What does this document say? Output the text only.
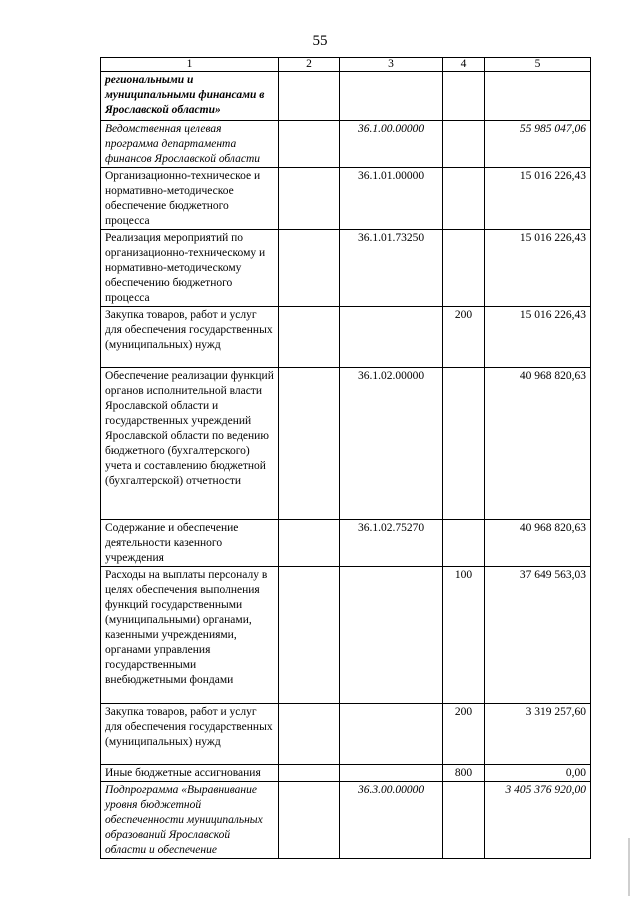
55
1	2	3	4	5
региональными и муниципальными финансами в Ярославской области»				
Ведомственная целевая программа департамента финансов Ярославской области		36.1.00.00000		55 985 047,06
Организационно-техническое и нормативно-методическое обеспечение бюджетного процесса		36.1.01.00000		15 016 226,43
Реализация мероприятий по организационно-техническому и нормативно-методическому обеспечению бюджетного процесса		36.1.01.73250		15 016 226,43
Закупка товаров, работ и услуг для обеспечения государственных (муниципальных) нужд			200	15 016 226,43
Обеспечение реализации функций органов исполнительной власти Ярославской области и государственных учреждений Ярославской области по ведению бюджетного (бухгалтерского) учета и составлению бюджетной (бухгалтерской) отчетности		36.1.02.00000		40 968 820,63
Содержание и обеспечение деятельности казенного учреждения		36.1.02.75270		40 968 820,63
Расходы на выплаты персоналу в целях обеспечения выполнения функций государственными (муниципальными) органами, казенными учреждениями, органами управления государственными внебюджетными фондами			100	37 649 563,03
Закупка товаров, работ и услуг для обеспечения государственных (муниципальных) нужд			200	3 319 257,60
Иные бюджетные ассигнования			800	0,00
Подпрограмма «Выравнивание уровня бюджетной обеспеченности муниципальных образований Ярославской области и обеспечение		36.3.00.00000		3 405 376 920,00
